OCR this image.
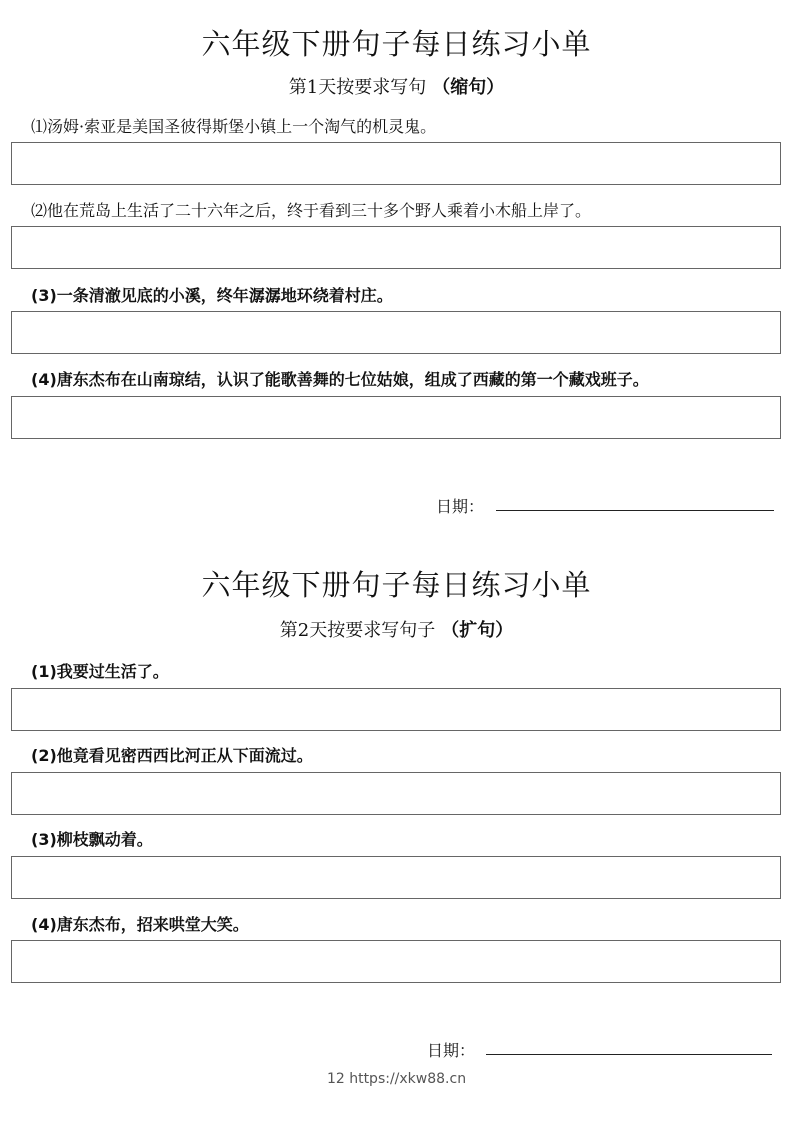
六年级下册句子每日练习小单
第1天按要求写句 （缩句）
⑴汤姆·索亚是美国圣彼得斯堡小镇上一个淘气的机灵鬼。
⑵他在荒岛上生活了二十六年之后，终于看到三十多个野人乘着小木船上岸了。
(3)一条清澈见底的小溪，终年潺潺地环绕着村庄。
(4)唐东杰布在山南琼结，认识了能歌善舞的七位姑娘，组成了西藏的第一个藏戏班子。
日期：
六年级下册句子每日练习小单
第2天按要求写句子 （扩句）
(1)我要过生活了。
(2)他竟看见密西西比河正从下面流过。
(3)柳枝飘动着。
(4)唐东杰布，招来哄堂大笑。
日期：
12 https://xkw88.cn
